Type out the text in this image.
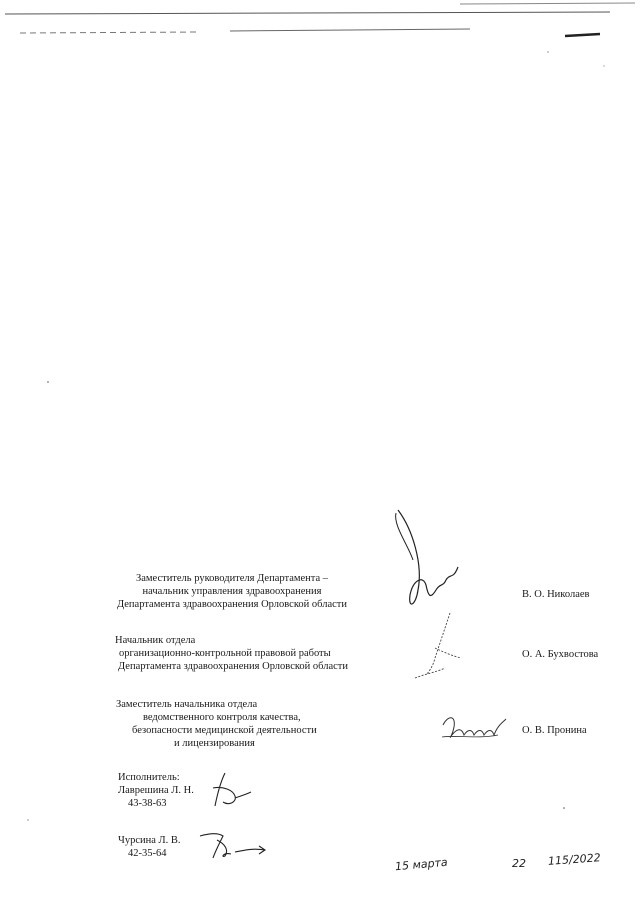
Заместитель руководителя Департамента –
начальник управления здравоохранения
Департамента здравоохранения Орловской области
В. О. Николаев
Начальник отдела
организационно-контрольной правовой работы
Департамента здравоохранения Орловской области
О. А. Бухвостова
Заместитель начальника отдела
ведомственного контроля качества,
безопасности медицинской деятельности
и лицензирования
О. В. Пронина
Исполнитель:
Лаврешина Л. Н.
43-38-63
Чурсина Л. В.
42-35-64
15 марта	22 115/2022
